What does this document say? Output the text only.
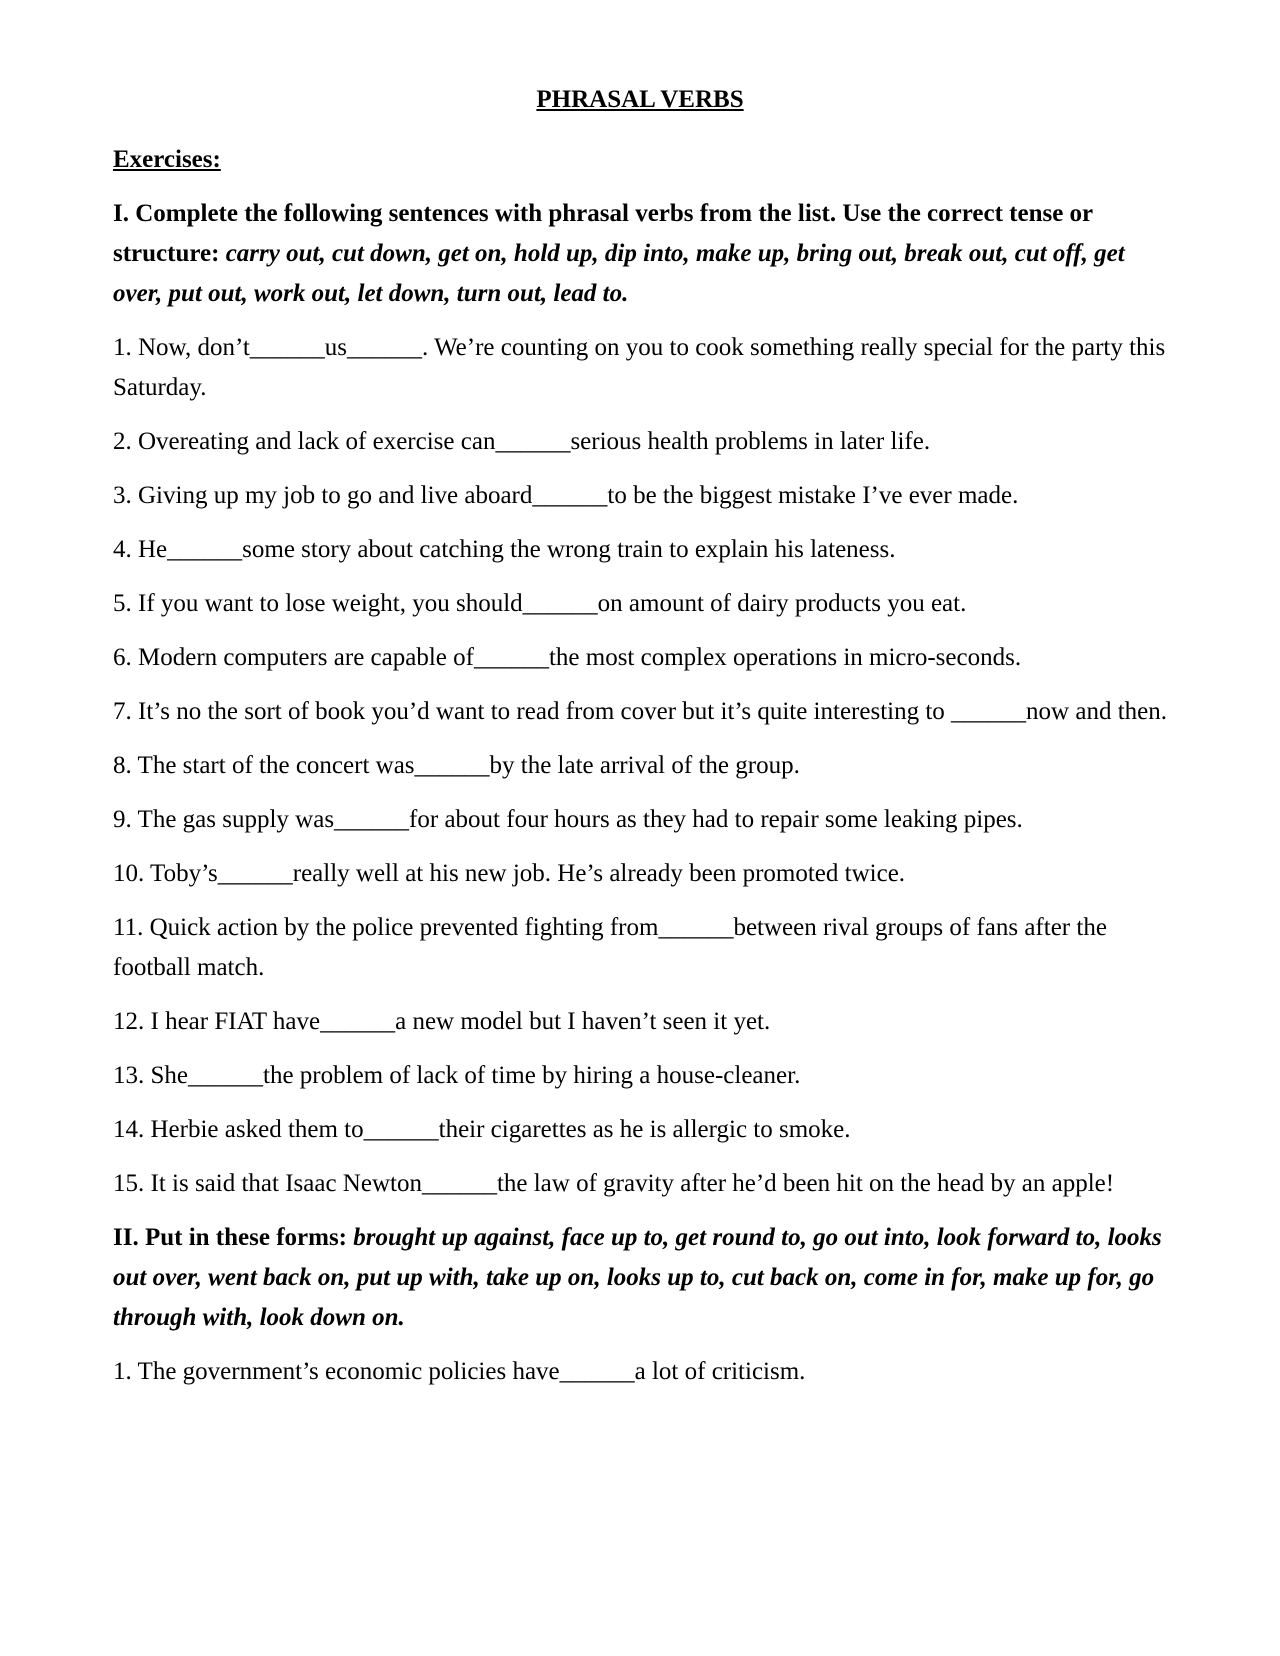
PHRASAL VERBS

Exercises:

I. Complete the following sentences with phrasal verbs from the list. Use the correct tense or structure: carry out, cut down, get on, hold up, dip into, make up, bring out, break out, cut off, get over, put out, work out, let down, turn out, lead to.

1. Now, don’t______us______. We’re counting on you to cook something really special for the party this Saturday.

2. Overeating and lack of exercise can______serious health problems in later life.

3. Giving up my job to go and live aboard______to be the biggest mistake I’ve ever made.

4. He______some story about catching the wrong train to explain his lateness.

5. If you want to lose weight, you should______on amount of dairy products you eat.

6. Modern computers are capable of______the most complex operations in micro-seconds.

7. It’s no the sort of book you’d want to read from cover but it’s quite interesting to ______now and then.

8. The start of the concert was______by the late arrival of the group.

9. The gas supply was______for about four hours as they had to repair some leaking pipes.

10. Toby’s______really well at his new job. He’s already been promoted twice.

11. Quick action by the police prevented fighting from______between rival groups of fans after the football match.

12. I hear FIAT have______a new model but I haven’t seen it yet.

13. She______the problem of lack of time by hiring a house-cleaner.

14. Herbie asked them to______their cigarettes as he is allergic to smoke.

15. It is said that Isaac Newton______the law of gravity after he’d been hit on the head by an apple!

II. Put in these forms: brought up against, face up to, get round to, go out into, look forward to, looks out over, went back on, put up with, take up on, looks up to, cut back on, come in for, make up for, go through with, look down on.

1. The government’s economic policies have______a lot of criticism.
